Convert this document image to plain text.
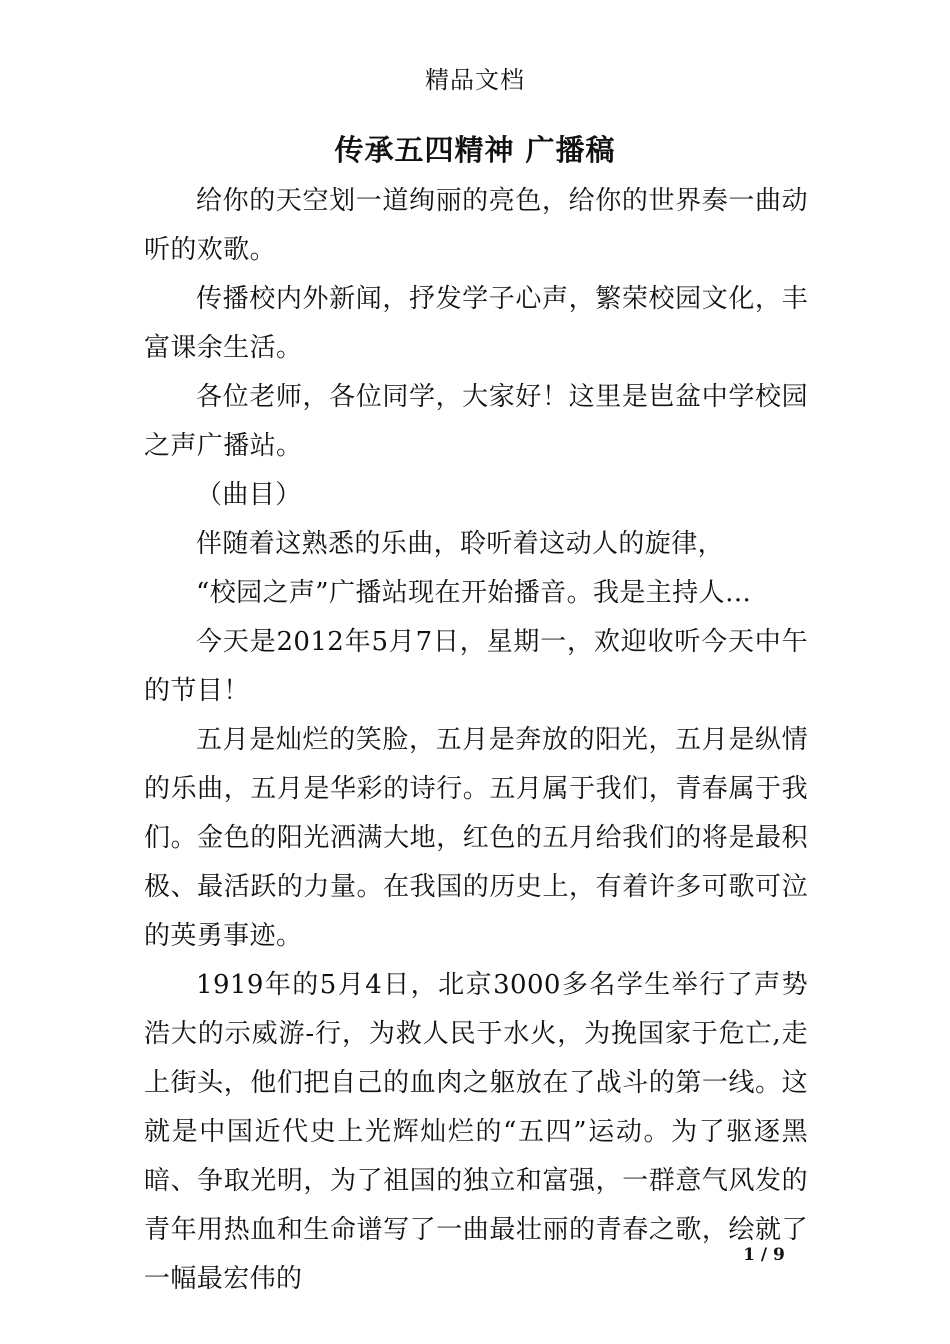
精品文档
传承五四精神 广播稿

给你的天空划一道绚丽的亮色，给你的世界奏一曲动听的欢歌。

传播校内外新闻，抒发学子心声，繁荣校园文化，丰富课余生活。

各位老师，各位同学，大家好！这里是岜盆中学校园之声广播站。

（曲目）

伴随着这熟悉的乐曲，聆听着这动人的旋律，

“校园之声”广播站现在开始播音。我是主持人…

今天是2012年5月7日，星期一，欢迎收听今天中午的节目！

五月是灿烂的笑脸，五月是奔放的阳光，五月是纵情的乐曲，五月是华彩的诗行。五月属于我们，青春属于我们。金色的阳光洒满大地，红色的五月给我们的将是最积极、最活跃的力量。在我国的历史上，有着许多可歌可泣的英勇事迹。

1919年的5月4日，北京3000多名学生举行了声势浩大的示威游-行，为救人民于水火，为挽国家于危亡,走上街头，他们把自己的血肉之躯放在了战斗的第一线。这就是中国近代史上光辉灿烂的“五四”运动。为了驱逐黑暗、争取光明，为了祖国的独立和富强，一群意气风发的青年用热血和生命谱写了一曲最壮丽的青春之歌，绘就了一幅最宏伟的

1 / 9
